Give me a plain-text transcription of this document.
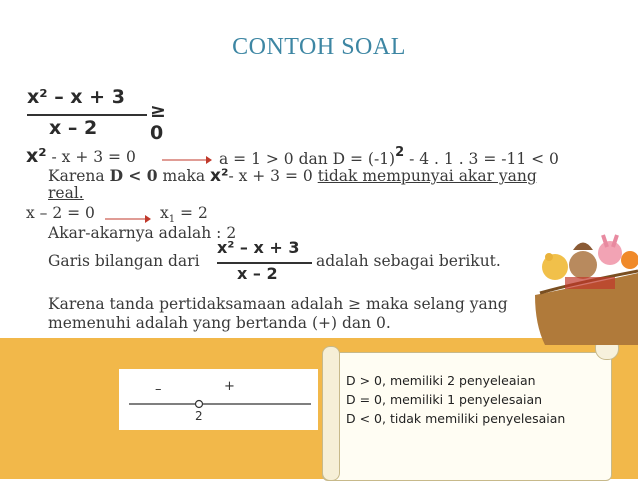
CONTOH SOAL
x² – x + 3
x – 2
≥ 0
x² - x + 3 = 0	a = 1 > 0 dan $D = (-1)^2 - 4$ . 1 . 3 = -11 < 0
Karena D < 0 maka x²- x + 3 = 0 tidak mempunyai akar yang
real.
x – 2 = 0	$x_1 = 2$
Akar-akarnya adalah : 2
Garis bilangan dari
x² – x + 3
x – 2
adalah sebagai berikut.
Karena tanda pertidaksamaan adalah ≥ maka selang yang
memenuhi adalah yang bertanda (+) dan 0.
–	+
2
D > 0, memiliki 2 penyeleaian
D = 0, memiliki 1 penyelesaian
D < 0, tidak memiliki penyelesaian
